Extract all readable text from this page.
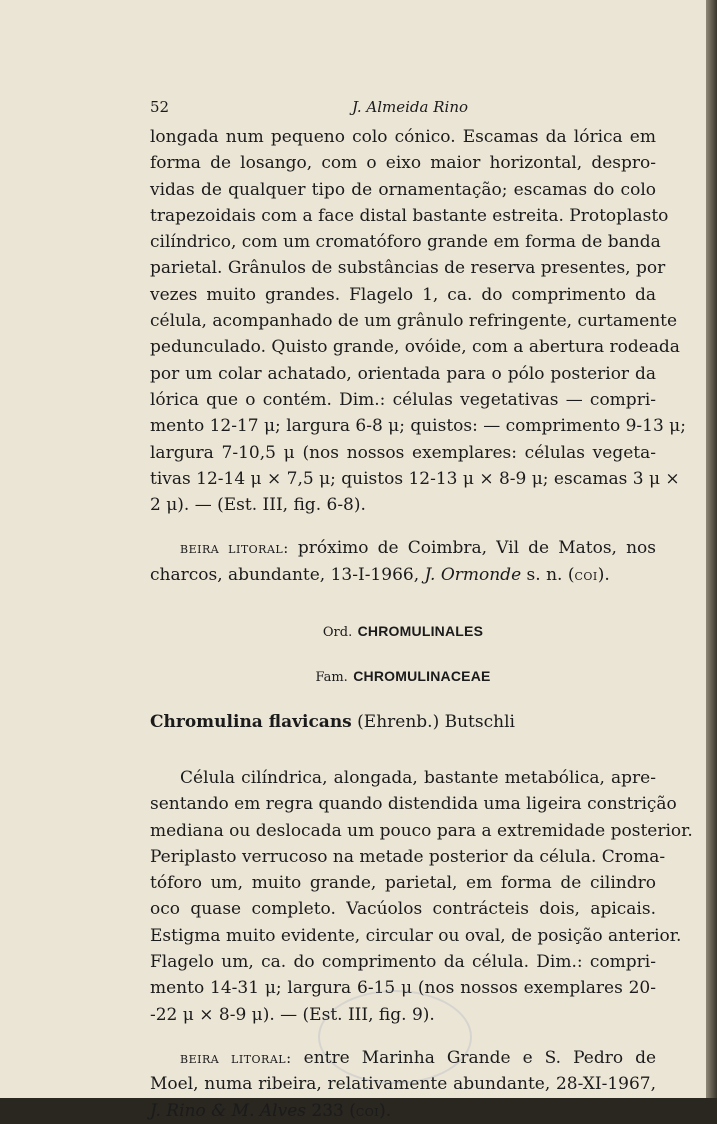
52	J. Almeida Rino
longada num pequeno colo cónico. Escamas da lórica em
forma de losango, com o eixo maior horizontal, despro-
vidas de qualquer tipo de ornamentação; escamas do colo
trapezoidais com a face distal bastante estreita. Protoplasto
cilíndrico, com um cromatóforo grande em forma de banda
parietal. Grânulos de substâncias de reserva presentes, por
vezes muito grandes. Flagelo 1, ca. do comprimento da
célula, acompanhado de um grânulo refringente, curtamente
pedunculado. Quisto grande, ovóide, com a abertura rodeada
por um colar achatado, orientada para o pólo posterior da
lórica que o contém. Dim.: células vegetativas — compri-
mento 12-17 μ; largura 6-8 μ; quistos: — comprimento 9-13 μ;
largura 7-10,5 μ (nos nossos exemplares: células vegeta-
tivas 12-14 μ × 7,5 μ; quistos 12-13 μ × 8-9 μ; escamas 3 μ ×
2 μ). — (Est. III, fig. 6-8).
beira litoral: próximo de Coimbra, Vil de Matos, nos
charcos, abundante, 13-I-1966, J. Ormonde s. n. (coi).
Ord. CHROMULINALES
Fam. CHROMULINACEAE
Chromulina flavicans (Ehrenb.) Butschli
Célula cilíndrica, alongada, bastante metabólica, apre-
sentando em regra quando distendida uma ligeira constrição
mediana ou deslocada um pouco para a extremidade posterior.
Periplasto verrucoso na metade posterior da célula. Croma-
tóforo um, muito grande, parietal, em forma de cilindro
oco quase completo. Vacúolos contrácteis dois, apicais.
Estigma muito evidente, circular ou oval, de posição anterior.
Flagelo um, ca. do comprimento da célula. Dim.: compri-
mento 14-31 μ; largura 6-15 μ (nos nossos exemplares 20-
-22 μ × 8-9 μ). — (Est. III, fig. 9).
beira litoral: entre Marinha Grande e S. Pedro de
Moel, numa ribeira, relativamente abundante, 28-XI-1967,
J. Rino & M. Alves 233 (coi).
